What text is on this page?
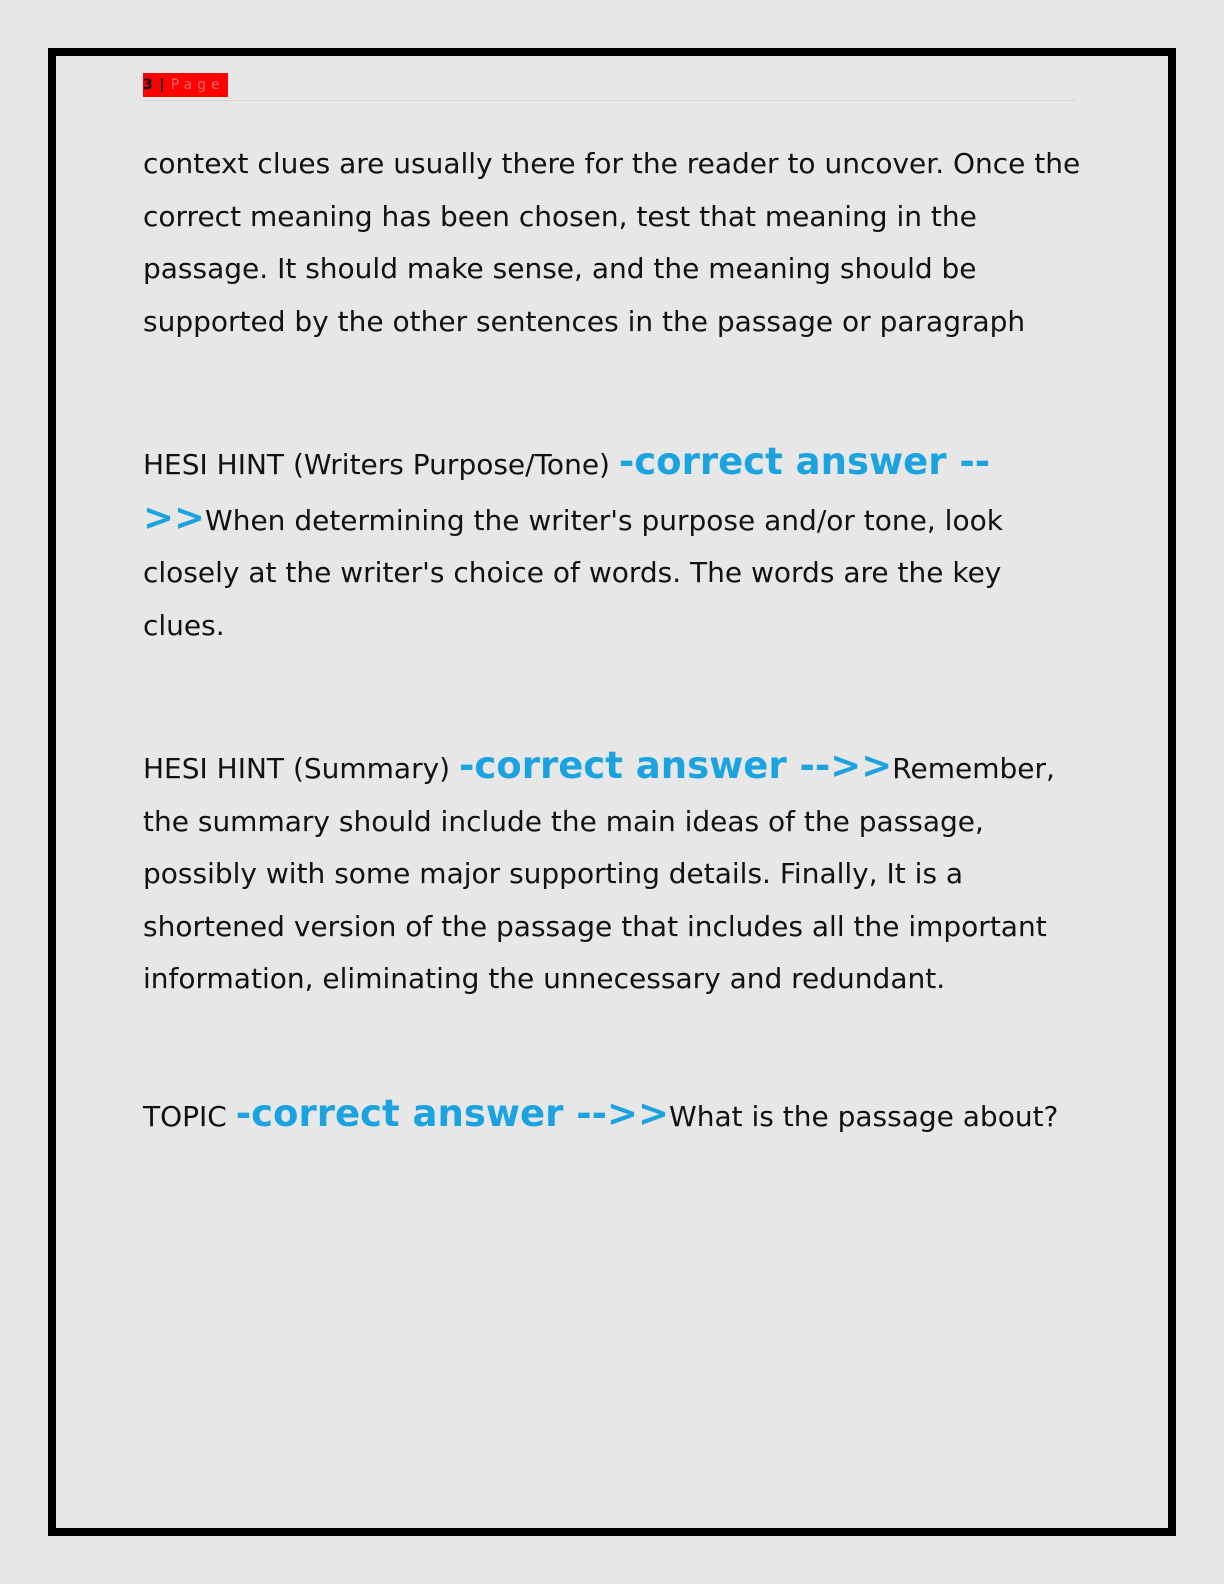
3 | Page

context clues are usually there for the reader to uncover. Once the correct meaning has been chosen, test that meaning in the passage. It should make sense, and the meaning should be supported by the other sentences in the passage or paragraph

HESI HINT (Writers Purpose/Tone) -correct answer -->>When determining the writer's purpose and/or tone, look closely at the writer's choice of words. The words are the key clues.

HESI HINT (Summary) -correct answer -->>Remember, the summary should include the main ideas of the passage, possibly with some major supporting details. Finally, It is a shortened version of the passage that includes all the important information, eliminating the unnecessary and redundant.

TOPIC -correct answer -->>What is the passage about?
